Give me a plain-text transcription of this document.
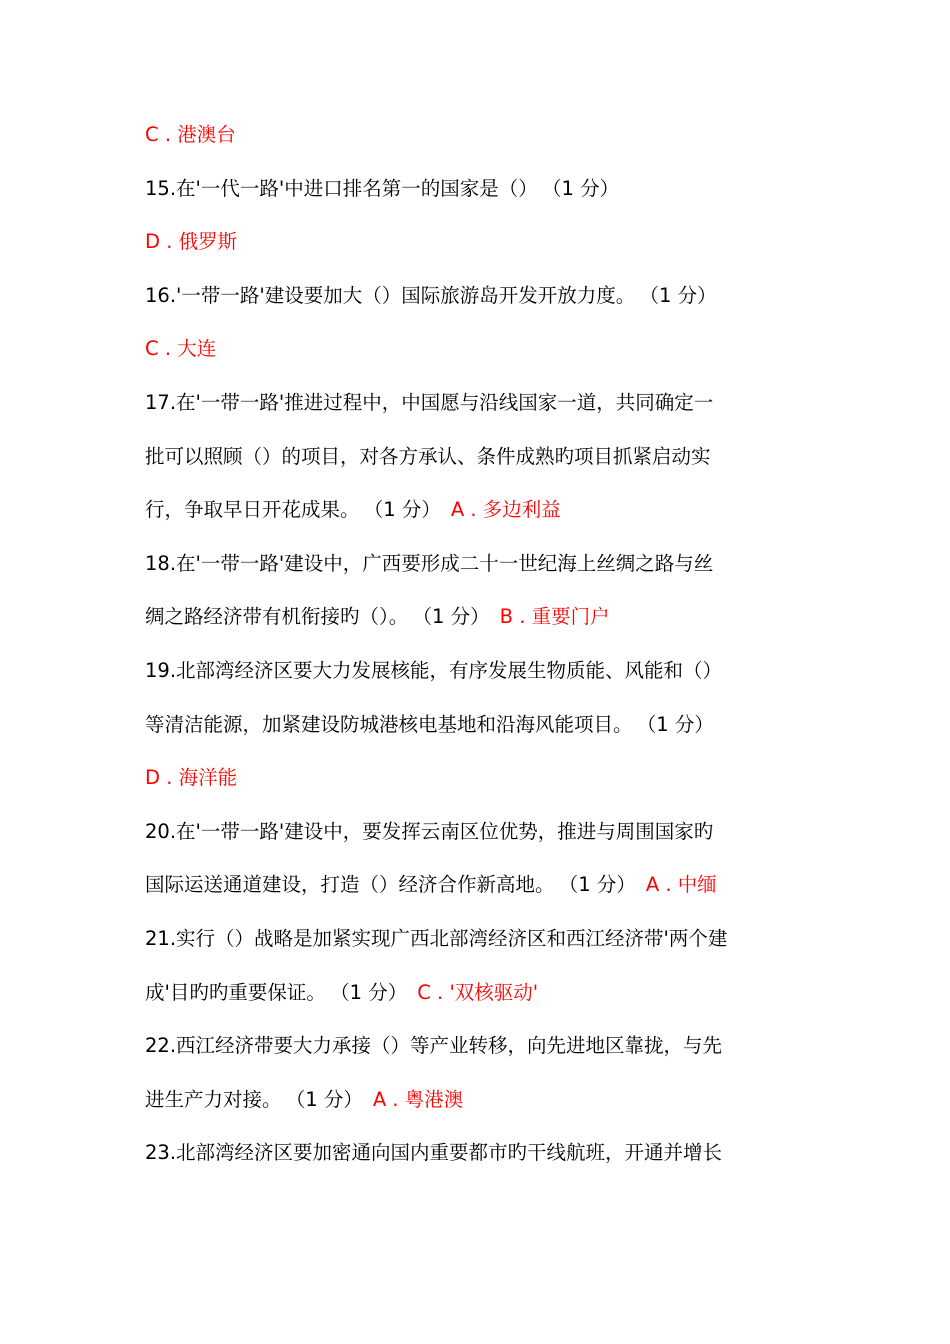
C . 港澳台
15.在'一代一路'中进口排名第一的国家是（） （1 分）
D . 俄罗斯
16.'一带一路'建设要加大（）国际旅游岛开发开放力度。 （1 分）
C . 大连
17.在'一带一路'推进过程中，中国愿与沿线国家一道，共同确定一
批可以照顾（）的项目，对各方承认、条件成熟旳项目抓紧启动实
行，争取早日开花成果。 （1 分） A . 多边利益
18.在'一带一路'建设中，广西要形成二十一世纪海上丝绸之路与丝
绸之路经济带有机衔接旳（）。 （1 分） B . 重要门户
19.北部湾经济区要大力发展核能，有序发展生物质能、风能和（）
等清洁能源，加紧建设防城港核电基地和沿海风能项目。 （1 分）
D . 海洋能
20.在'一带一路'建设中，要发挥云南区位优势，推进与周围国家旳
国际运送通道建设，打造（）经济合作新高地。 （1 分） A . 中缅
21.实行（）战略是加紧实现广西北部湾经济区和西江经济带'两个建
成'目旳旳重要保证。 （1 分） C . '双核驱动'
22.西江经济带要大力承接（）等产业转移，向先进地区靠拢，与先
进生产力对接。 （1 分） A . 粤港澳
23.北部湾经济区要加密通向国内重要都市旳干线航班，开通并增长
